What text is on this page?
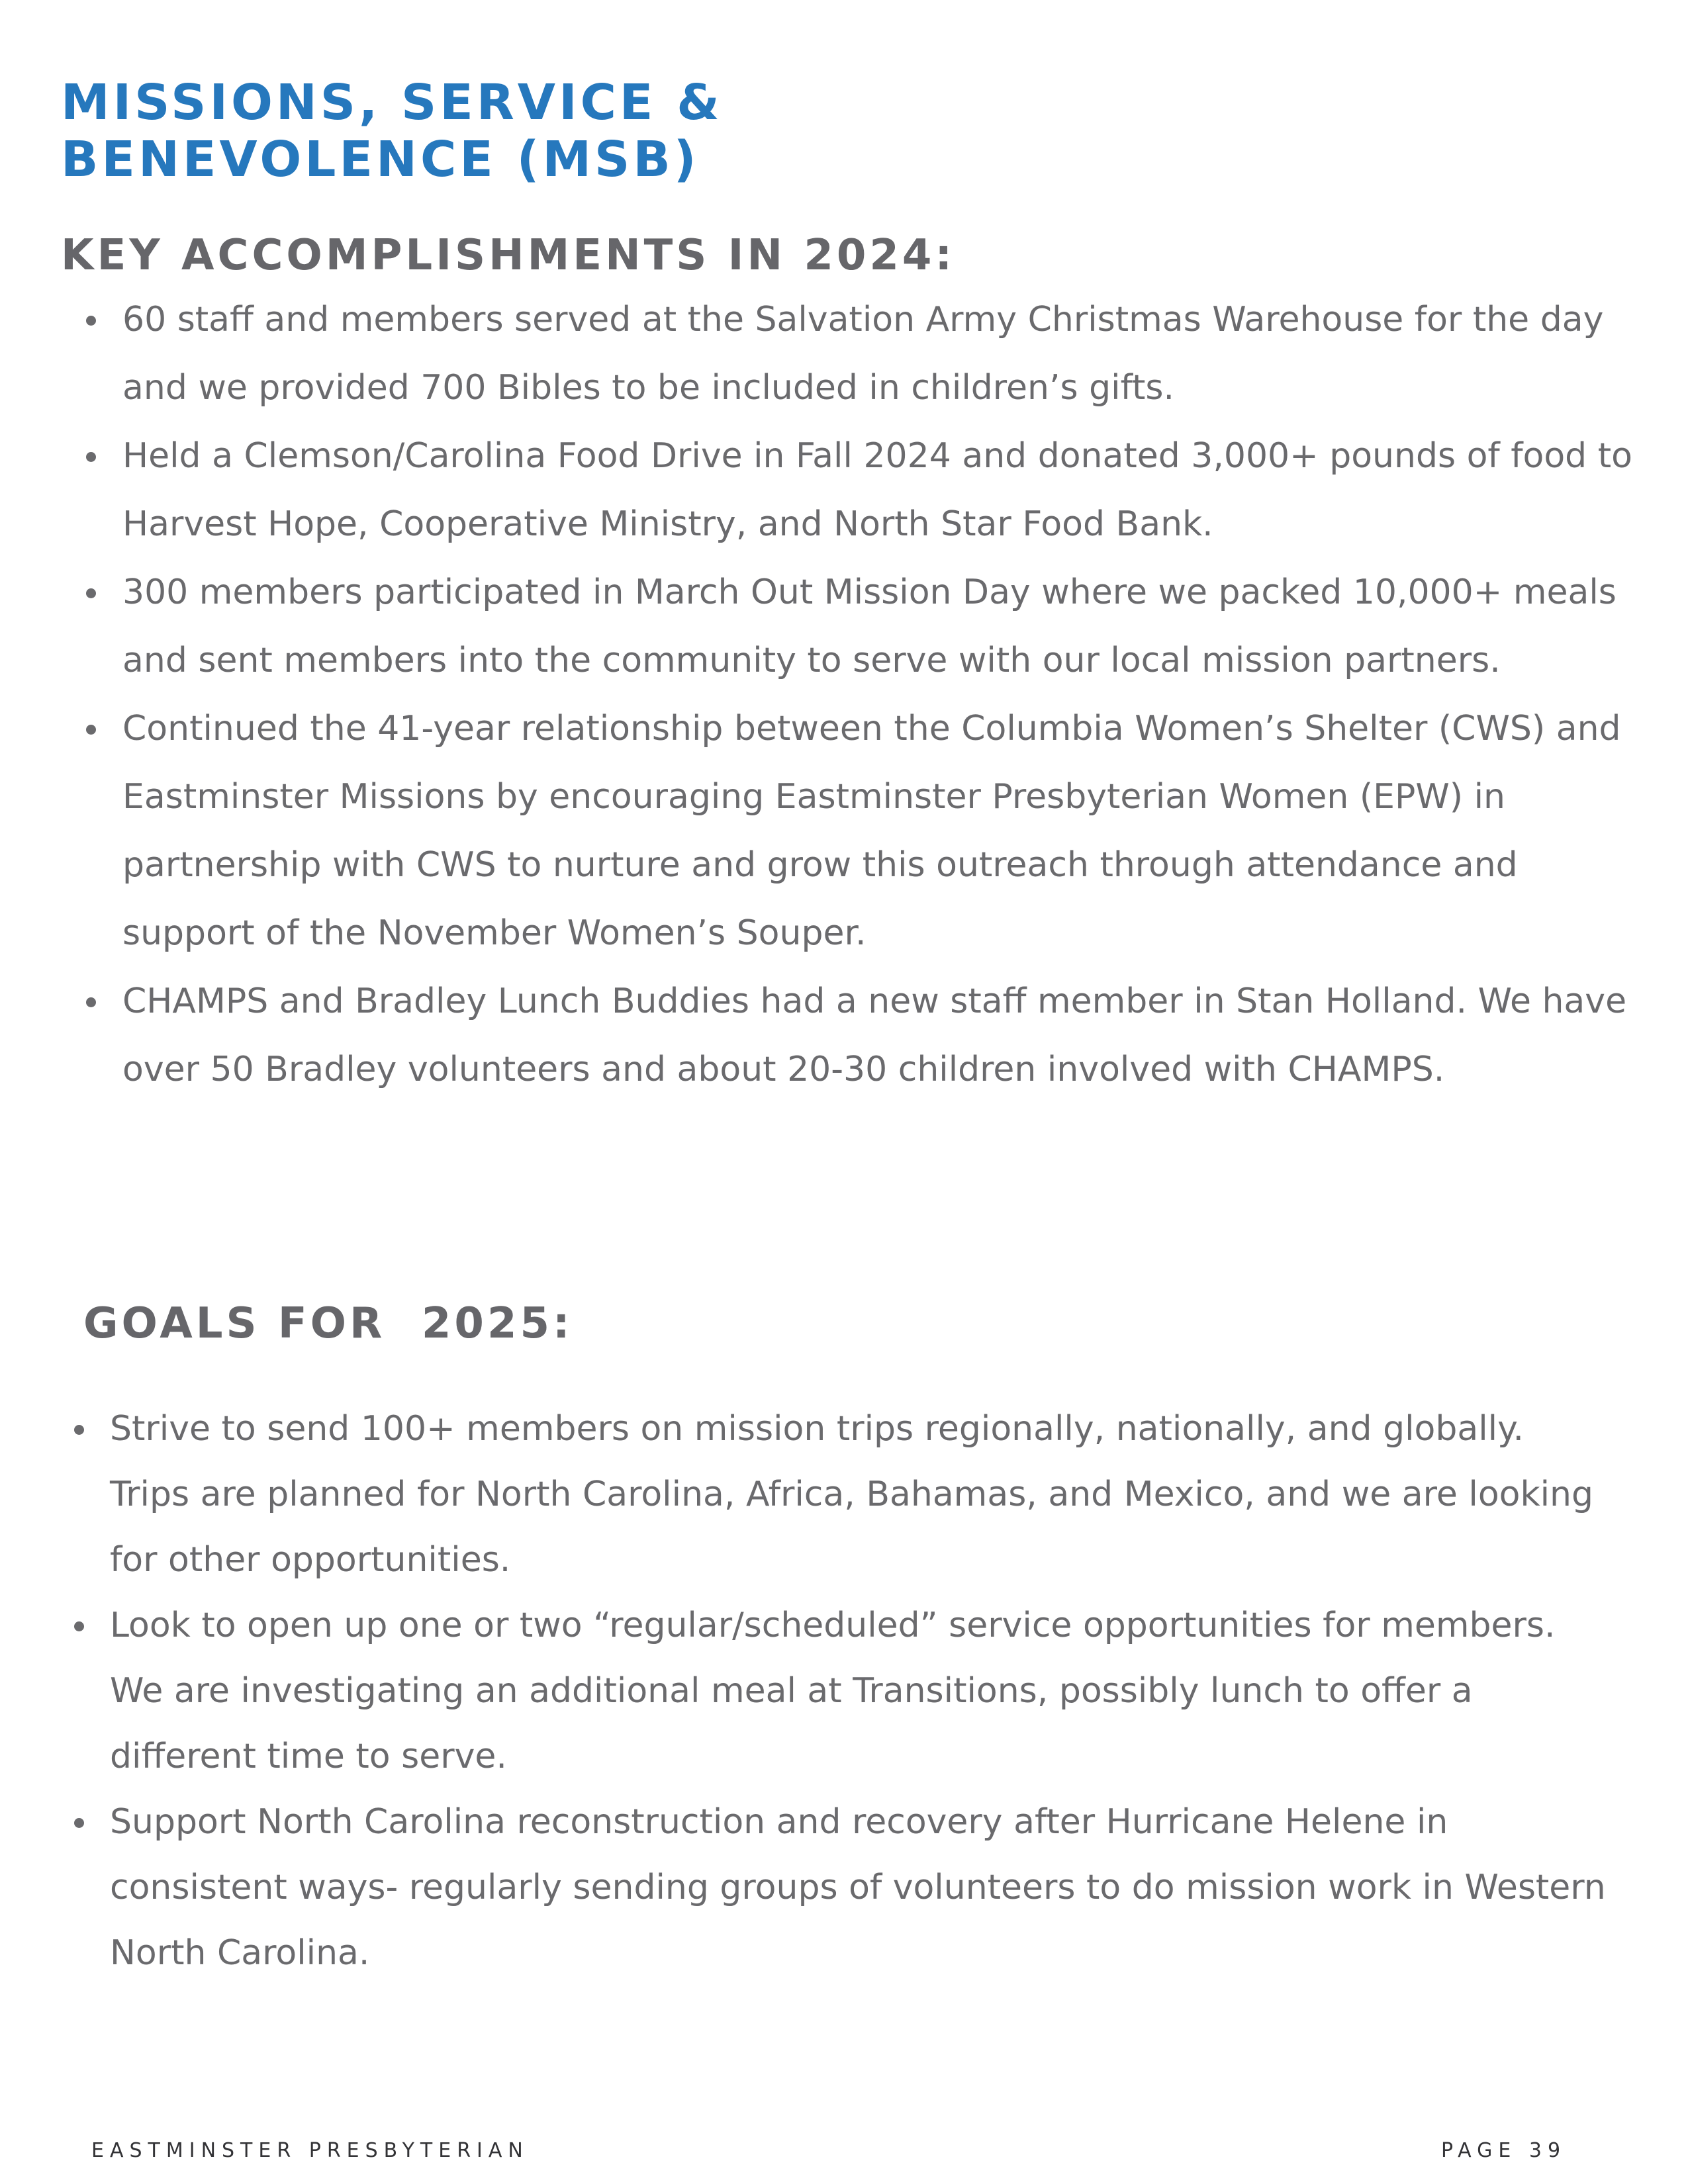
MISSIONS, SERVICE &
BENEVOLENCE (MSB)
KEY ACCOMPLISHMENTS IN 2024:
60 staff and members served at the Salvation Army Christmas Warehouse for the day and we provided 700 Bibles to be included in children’s gifts.
Held a Clemson/Carolina Food Drive in Fall 2024 and donated 3,000+ pounds of food to Harvest Hope, Cooperative Ministry, and North Star Food Bank.
300 members participated in March Out Mission Day where we packed 10,000+ meals and sent members into the community to serve with our local mission partners.
Continued the 41-year relationship between the Columbia Women’s Shelter (CWS) and Eastminster Missions by encouraging Eastminster Presbyterian Women (EPW) in partnership with CWS to nurture and grow this outreach through attendance and support of the November Women’s Souper.
CHAMPS and Bradley Lunch Buddies had a new staff member in Stan Holland. We have over 50 Bradley volunteers and about 20-30 children involved with CHAMPS.
GOALS FOR  2025:
Strive to send 100+ members on mission trips regionally, nationally, and globally. Trips are planned for North Carolina, Africa, Bahamas, and Mexico, and we are looking for other opportunities.
Look to open up one or two “regular/scheduled” service opportunities for members. We are investigating an additional meal at Transitions, possibly lunch to offer a different time to serve.
Support North Carolina reconstruction and recovery after Hurricane Helene in consistent ways- regularly sending groups of volunteers to do mission work in Western North Carolina.
EASTMINSTER PRESBYTERIAN	PAGE 39
